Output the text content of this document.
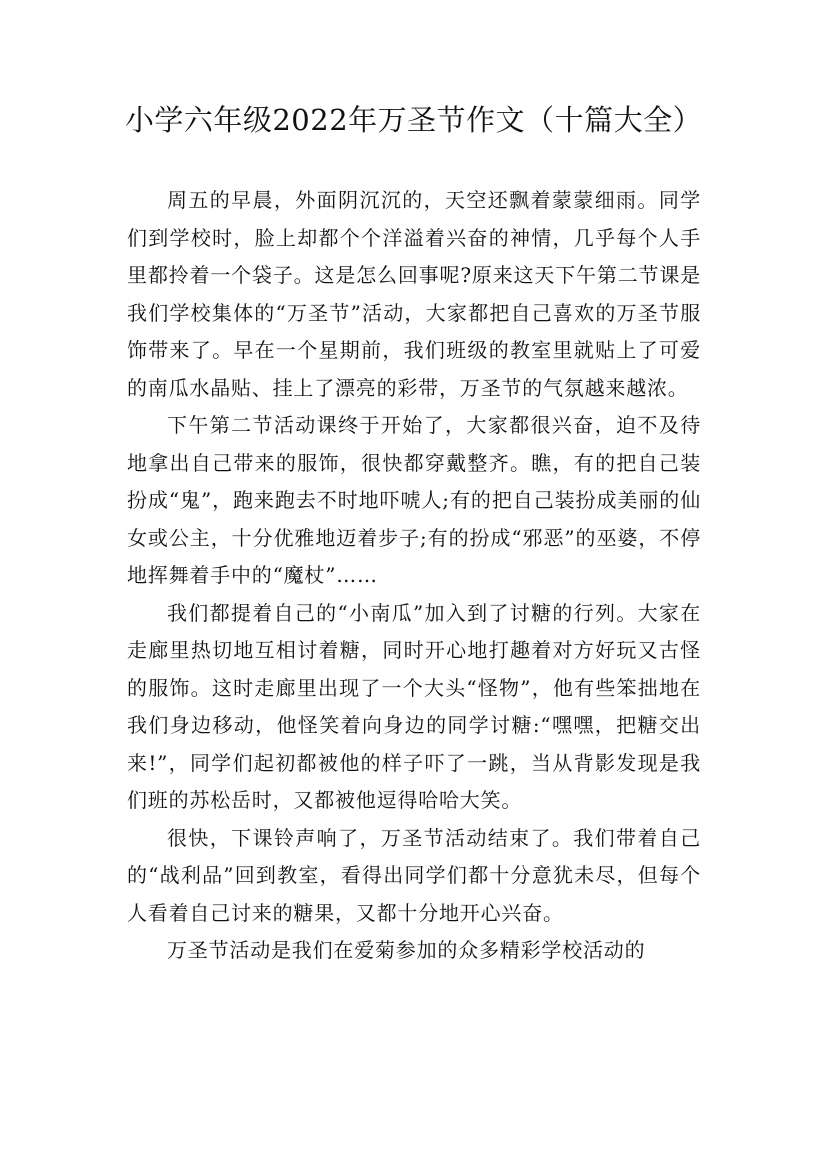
小学六年级2022年万圣节作文（十篇大全）

周五的早晨，外面阴沉沉的，天空还飘着蒙蒙细雨。同学们到学校时，脸上却都个个洋溢着兴奋的神情，几乎每个人手里都拎着一个袋子。这是怎么回事呢?原来这天下午第二节课是我们学校集体的“万圣节”活动，大家都把自己喜欢的万圣节服饰带来了。早在一个星期前，我们班级的教室里就贴上了可爱的南瓜水晶贴、挂上了漂亮的彩带，万圣节的气氛越来越浓。

下午第二节活动课终于开始了，大家都很兴奋，迫不及待地拿出自己带来的服饰，很快都穿戴整齐。瞧，有的把自己装扮成“鬼”，跑来跑去不时地吓唬人;有的把自己装扮成美丽的仙女或公主，十分优雅地迈着步子;有的扮成“邪恶”的巫婆，不停地挥舞着手中的“魔杖”……

我们都提着自己的“小南瓜”加入到了讨糖的行列。大家在走廊里热切地互相讨着糖，同时开心地打趣着对方好玩又古怪的服饰。这时走廊里出现了一个大头“怪物”，他有些笨拙地在我们身边移动，他怪笑着向身边的同学讨糖:“嘿嘿，把糖交出来!”，同学们起初都被他的样子吓了一跳，当从背影发现是我们班的苏松岳时，又都被他逗得哈哈大笑。

很快，下课铃声响了，万圣节活动结束了。我们带着自己的“战利品”回到教室，看得出同学们都十分意犹未尽，但每个人看着自己讨来的糖果，又都十分地开心兴奋。

万圣节活动是我们在爱菊参加的众多精彩学校活动的
